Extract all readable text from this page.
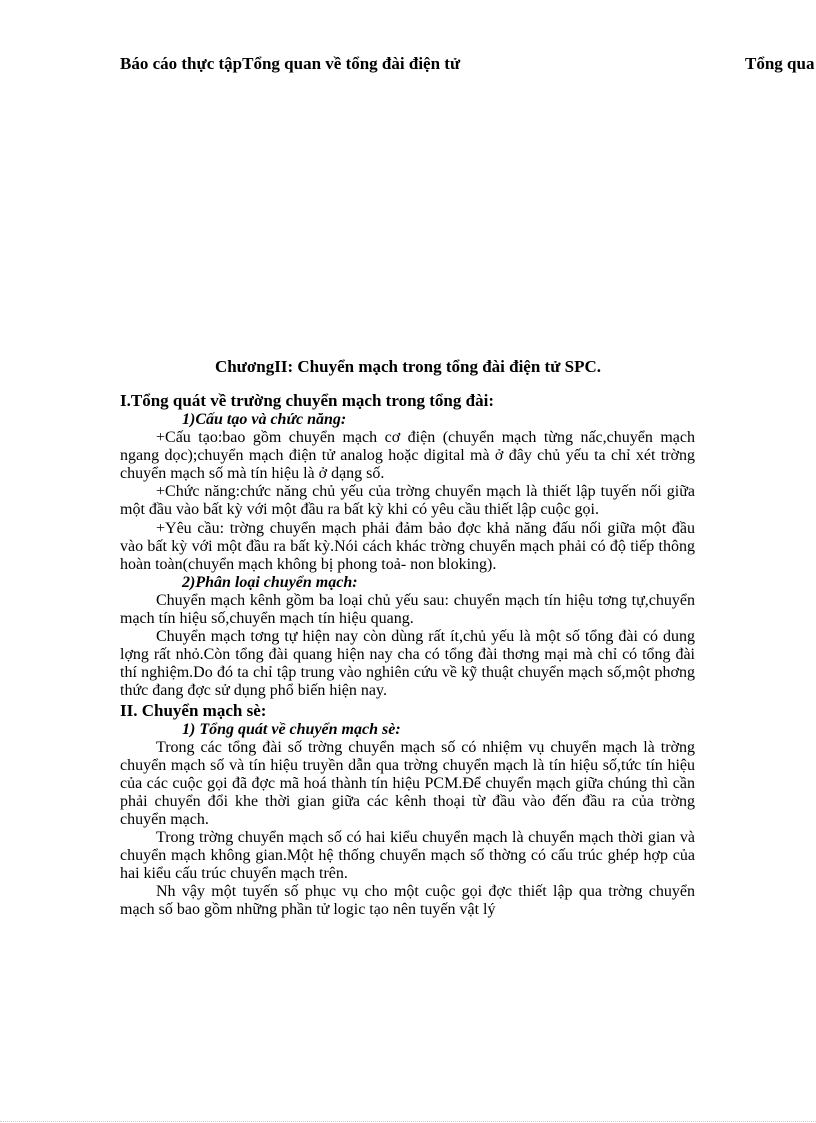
Báo cáo thực tậpTổng quan về tổng đài điện tử	Tổng qua
ChươngII: Chuyển mạch trong tổng đài điện tử SPC.

I.Tổng quát về trường chuyển mạch trong tổng đài:

1)Cấu tạo và chức năng:

+Cấu tạo:bao gồm chuyển mạch cơ điện (chuyển mạch từng nấc,chuyển mạch ngang dọc);chuyển mạch điện tử analog hoặc digital mà ở đây chủ yếu ta chỉ xét trờng chuyển mạch số mà tín hiệu là ở dạng số.

+Chức năng:chức năng chủ yếu của trờng chuyển mạch là thiết lập tuyến nối giữa một đầu vào bất kỳ với một đầu ra bất kỳ khi có yêu cầu thiết lập cuộc gọi.

+Yêu cầu: trờng chuyển mạch phải đảm bảo đợc khả năng đấu nối giữa một đầu vào bất kỳ với một đầu ra bất kỳ.Nói cách khác trờng chuyển mạch phải có độ tiếp thông hoàn toàn(chuyển mạch không bị phong toả- non bloking).

2)Phân loại chuyển mạch:

Chuyển mạch kênh gồm ba loại chủ yếu sau: chuyển mạch tín hiệu tơng tự,chuyển mạch tín hiệu số,chuyển mạch tín hiệu quang.

Chuyển mạch tơng tự hiện nay còn dùng rất ít,chủ yếu là một số tổng đài có dung lợng rất nhỏ.Còn tổng đài quang hiện nay cha có tổng đài thơng mại mà chỉ có tổng đài thí nghiệm.Do đó ta chỉ tập trung vào nghiên cứu về kỹ thuật chuyển mạch số,một phơng thức đang đợc sử dụng phổ biến hiện nay.

II. Chuyển mạch sè:

1) Tổng quát về chuyển mạch sè:

Trong các tổng đài số trờng chuyển mạch số có nhiệm vụ chuyển mạch là trờng chuyển mạch số và tín hiệu truyền dẫn qua trờng chuyển mạch là tín hiệu số,tức tín hiệu của các cuộc gọi đã đợc mã hoá thành tín hiệu PCM.Để chuyển mạch giữa chúng thì cần phải chuyển đổi khe thời gian giữa các kênh thoại từ đầu vào đến đầu ra của trờng chuyển mạch.

Trong trờng chuyển mạch số có hai kiểu chuyển mạch là chuyển mạch thời gian và chuyển mạch không gian.Một hệ thống chuyển mạch số thờng có cấu trúc ghép hợp của hai kiểu cấu trúc chuyển mạch trên.

Nh vậy một tuyến số phục vụ cho một cuộc gọi đợc thiết lập qua trờng chuyển mạch số bao gồm những phần tử logic tạo nên tuyến vật lý
